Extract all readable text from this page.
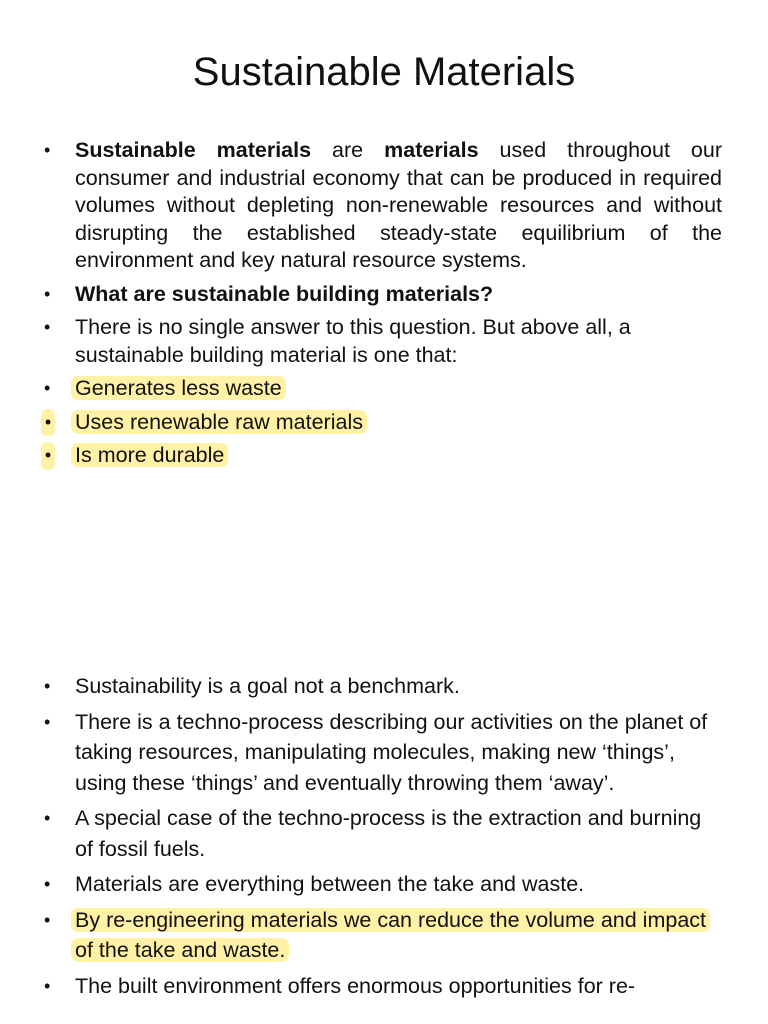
Sustainable Materials
• Sustainable materials are materials used throughout our consumer and industrial economy that can be produced in required volumes without depleting non-renewable resources and without disrupting the established steady-state equilibrium of the environment and key natural resource systems.
• What are sustainable building materials?
• There is no single answer to this question. But above all, a sustainable building material is one that:
• Generates less waste
• Uses renewable raw materials
• Is more durable
• Sustainability is a goal not a benchmark.
• There is a techno-process describing our activities on the planet of taking resources, manipulating molecules, making new ‘things’, using these ‘things’ and eventually throwing them ‘away’.
• A special case of the techno-process is the extraction and burning of fossil fuels.
• Materials are everything between the take and waste.
• By re-engineering materials we can reduce the volume and impact of the take and waste.
• The built environment offers enormous opportunities for re-
